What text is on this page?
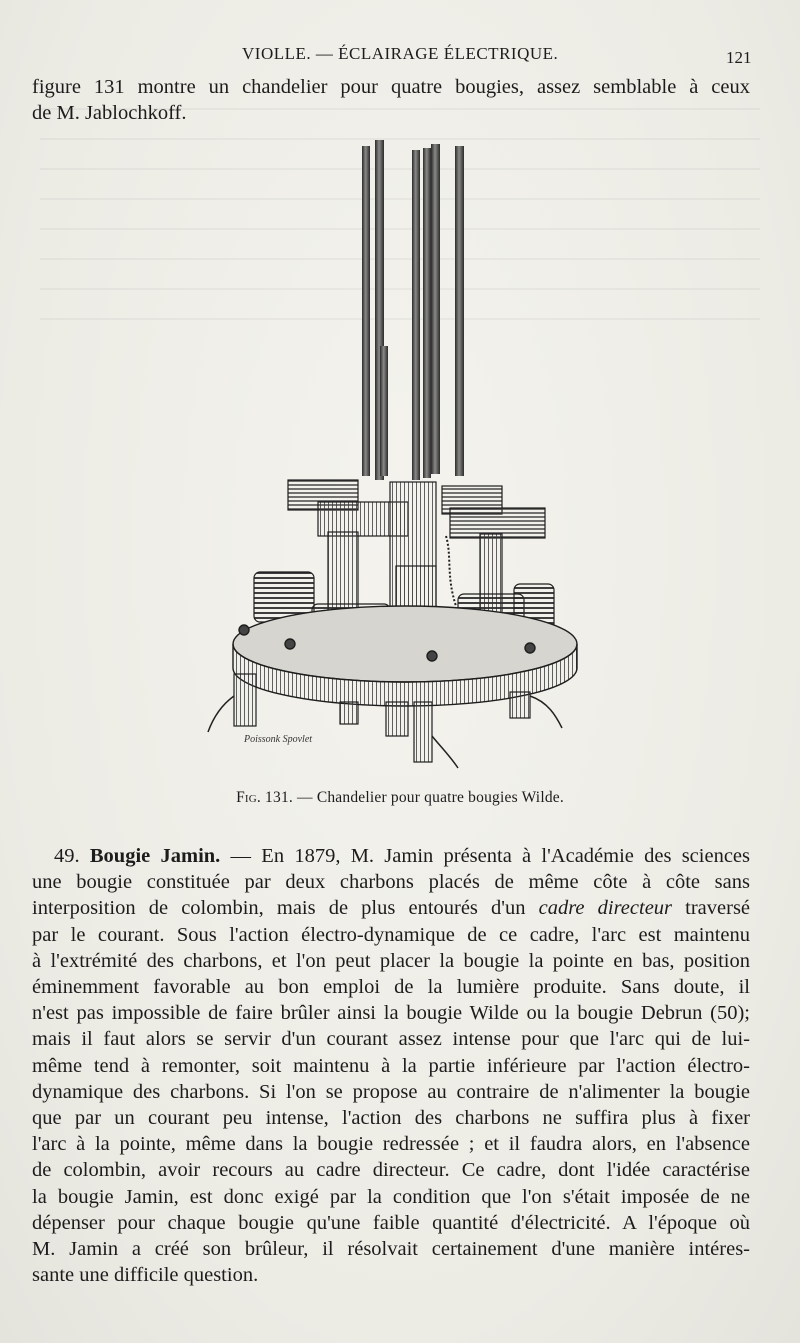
VIOLLE. — ÉCLAIRAGE ÉLECTRIQUE.	121
figure 131 montre un chandelier pour quatre bougies, assez semblable à ceux
de M. Jablochkoff.
Poissonk Spovlet
Fig. 131. — Chandelier pour quatre bougies Wilde.
49. Bougie Jamin. — En 1879, M. Jamin présenta à l'Académie des sciences
une bougie constituée par deux charbons placés de même côte à côte sans
interposition de colombin, mais de plus entourés d'un cadre directeur traversé
par le courant. Sous l'action électro-dynamique de ce cadre, l'arc est maintenu
à l'extrémité des charbons, et l'on peut placer la bougie la pointe en bas, position
éminemment favorable au bon emploi de la lumière produite. Sans doute, il
n'est pas impossible de faire brûler ainsi la bougie Wilde ou la bougie Debrun (50);
mais il faut alors se servir d'un courant assez intense pour que l'arc qui de lui-
même tend à remonter, soit maintenu à la partie inférieure par l'action électro-
dynamique des charbons. Si l'on se propose au contraire de n'alimenter la bougie
que par un courant peu intense, l'action des charbons ne suffira plus à fixer
l'arc à la pointe, même dans la bougie redressée ; et il faudra alors, en l'absence
de colombin, avoir recours au cadre directeur. Ce cadre, dont l'idée caractérise
la bougie Jamin, est donc exigé par la condition que l'on s'était imposée de ne
dépenser pour chaque bougie qu'une faible quantité d'électricité. A l'époque où
M. Jamin a créé son brûleur, il résolvait certainement d'une manière intéres-
sante une difficile question.
